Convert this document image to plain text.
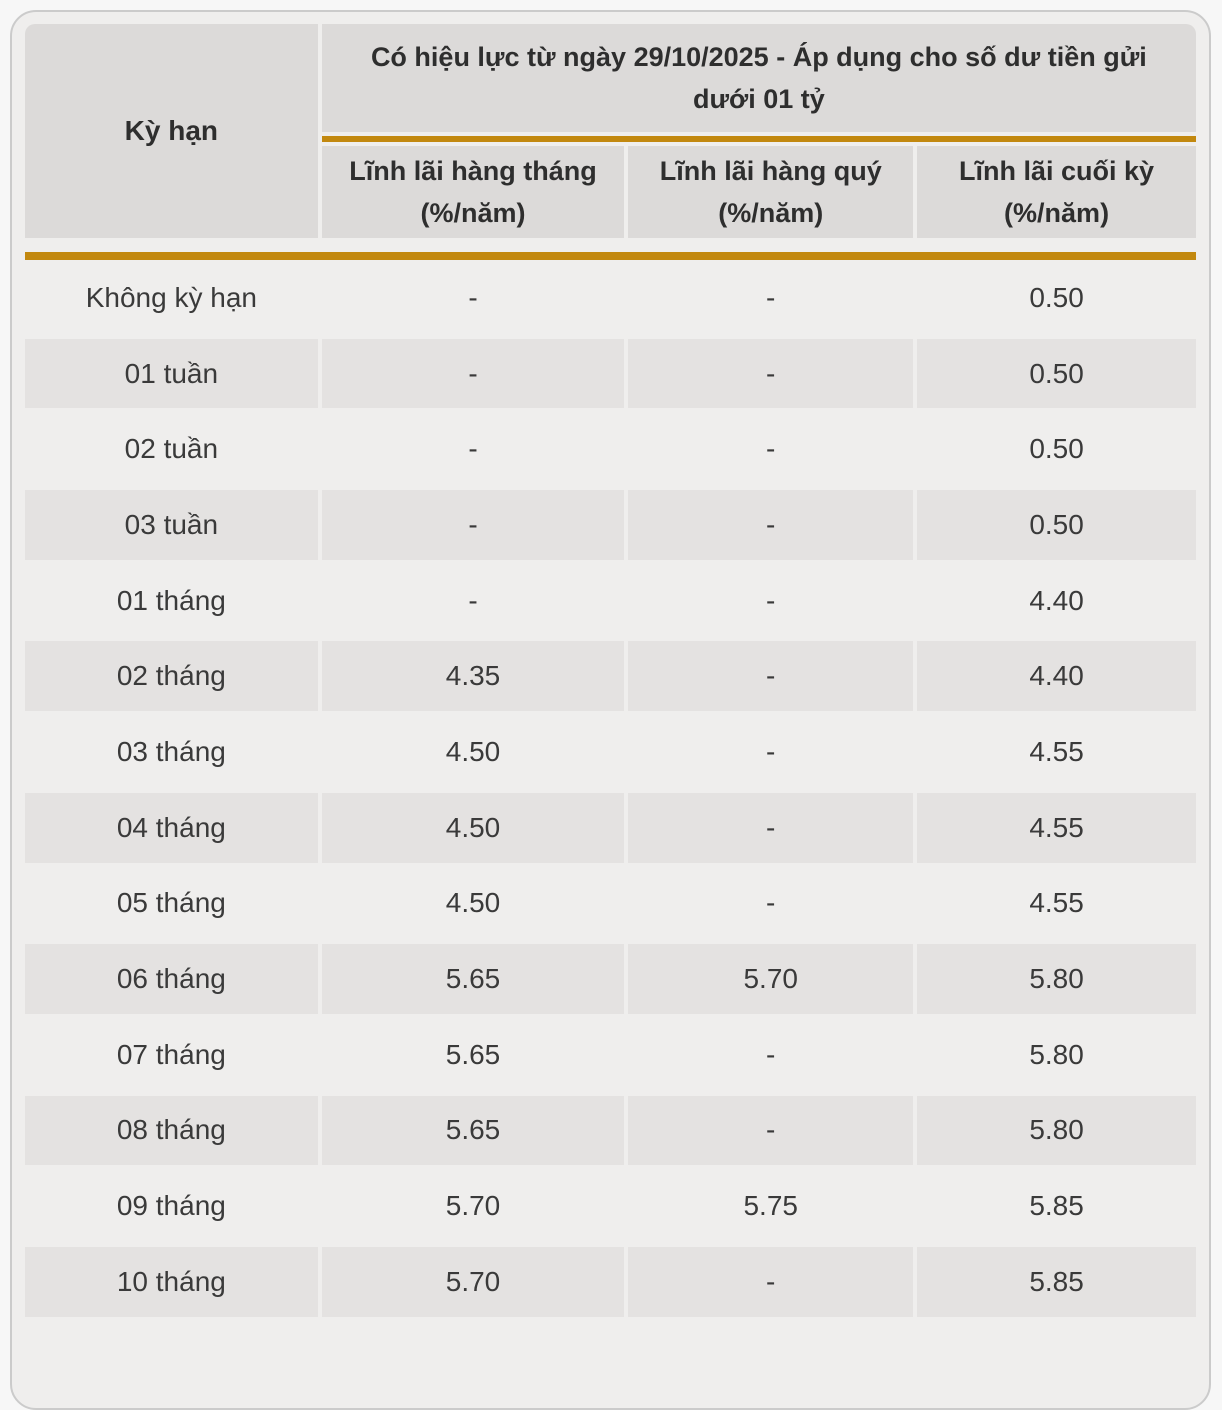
Kỳ hạn
Có hiệu lực từ ngày 29/10/2025 - Áp dụng cho số dư tiền gửi dưới 01 tỷ
Lĩnh lãi hàng tháng
(%/năm)
Lĩnh lãi hàng quý
(%/năm)
Lĩnh lãi cuối kỳ
(%/năm)
Không kỳ hạn	-	-	0.50
01 tuần	-	-	0.50
02 tuần	-	-	0.50
03 tuần	-	-	0.50
01 tháng	-	-	4.40
02 tháng	4.35	-	4.40
03 tháng	4.50	-	4.55
04 tháng	4.50	-	4.55
05 tháng	4.50	-	4.55
06 tháng	5.65	5.70	5.80
07 tháng	5.65	-	5.80
08 tháng	5.65	-	5.80
09 tháng	5.70	5.75	5.85
10 tháng	5.70	-	5.85
